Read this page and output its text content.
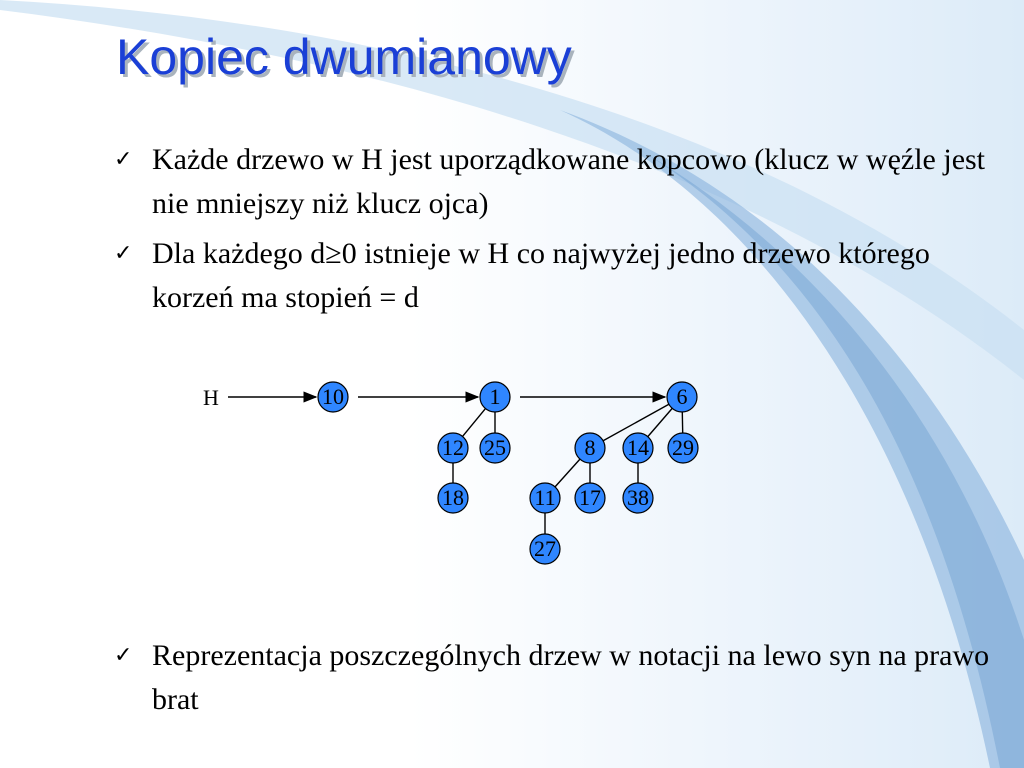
Kopiec dwumianowy
✓ Każde drzewo w H jest uporządkowane kopcowo (klucz w węźle jest nie mniejszy niż klucz ojca)
✓ Dla każdego d≥0 istnieje w H co najwyżej jedno drzewo którego korzeń ma stopień = d
✓ Reprezentacja poszczególnych drzew w notacji na lewo syn na prawo brat
H	10	1	6
12 25	8 14 29
18	11 17 38
27
